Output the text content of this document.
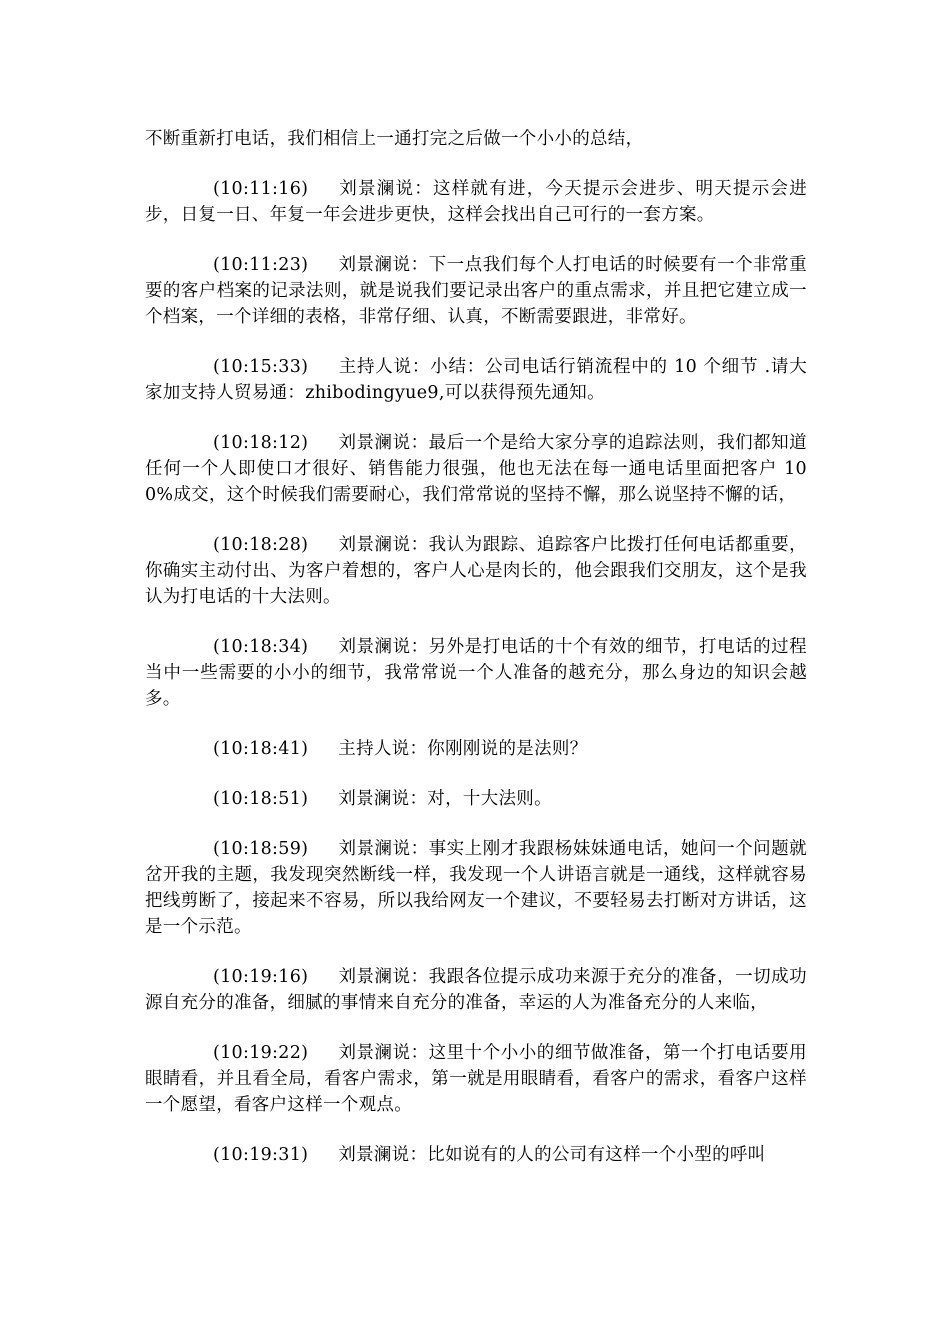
不断重新打电话，我们相信上一通打完之后做一个小小的总结，

(10:11:16) 刘景澜说：这样就有进，今天提示会进步、明天提示会进步，日复一日、年复一年会进步更快，这样会找出自己可行的一套方案。

(10:11:23) 刘景澜说：下一点我们每个人打电话的时候要有一个非常重要的客户档案的记录法则，就是说我们要记录出客户的重点需求，并且把它建立成一个档案，一个详细的表格，非常仔细、认真，不断需要跟进，非常好。

(10:15:33) 主持人说：小结：公司电话行销流程中的 10 个细节 .请大家加支持人贸易通：zhibodingyue9,可以获得预先通知。

(10:18:12) 刘景澜说：最后一个是给大家分享的追踪法则，我们都知道任何一个人即使口才很好、销售能力很强，他也无法在每一通电话里面把客户 100%成交，这个时候我们需要耐心，我们常常说的坚持不懈，那么说坚持不懈的话，

(10:18:28) 刘景澜说：我认为跟踪、追踪客户比拨打任何电话都重要，你确实主动付出、为客户着想的，客户人心是肉长的，他会跟我们交朋友，这个是我认为打电话的十大法则。

(10:18:34) 刘景澜说：另外是打电话的十个有效的细节，打电话的过程当中一些需要的小小的细节，我常常说一个人准备的越充分，那么身边的知识会越多。

(10:18:41) 主持人说：你刚刚说的是法则？

(10:18:51) 刘景澜说：对，十大法则。

(10:18:59) 刘景澜说：事实上刚才我跟杨妹妹通电话，她问一个问题就岔开我的主题，我发现突然断线一样，我发现一个人讲语言就是一通线，这样就容易把线剪断了，接起来不容易，所以我给网友一个建议，不要轻易去打断对方讲话，这是一个示范。

(10:19:16) 刘景澜说：我跟各位提示成功来源于充分的准备，一切成功源自充分的准备，细腻的事情来自充分的准备，幸运的人为准备充分的人来临，

(10:19:22) 刘景澜说：这里十个小小的细节做准备，第一个打电话要用眼睛看，并且看全局，看客户需求，第一就是用眼睛看，看客户的需求，看客户这样一个愿望，看客户这样一个观点。

(10:19:31) 刘景澜说：比如说有的人的公司有这样一个小型的呼叫
